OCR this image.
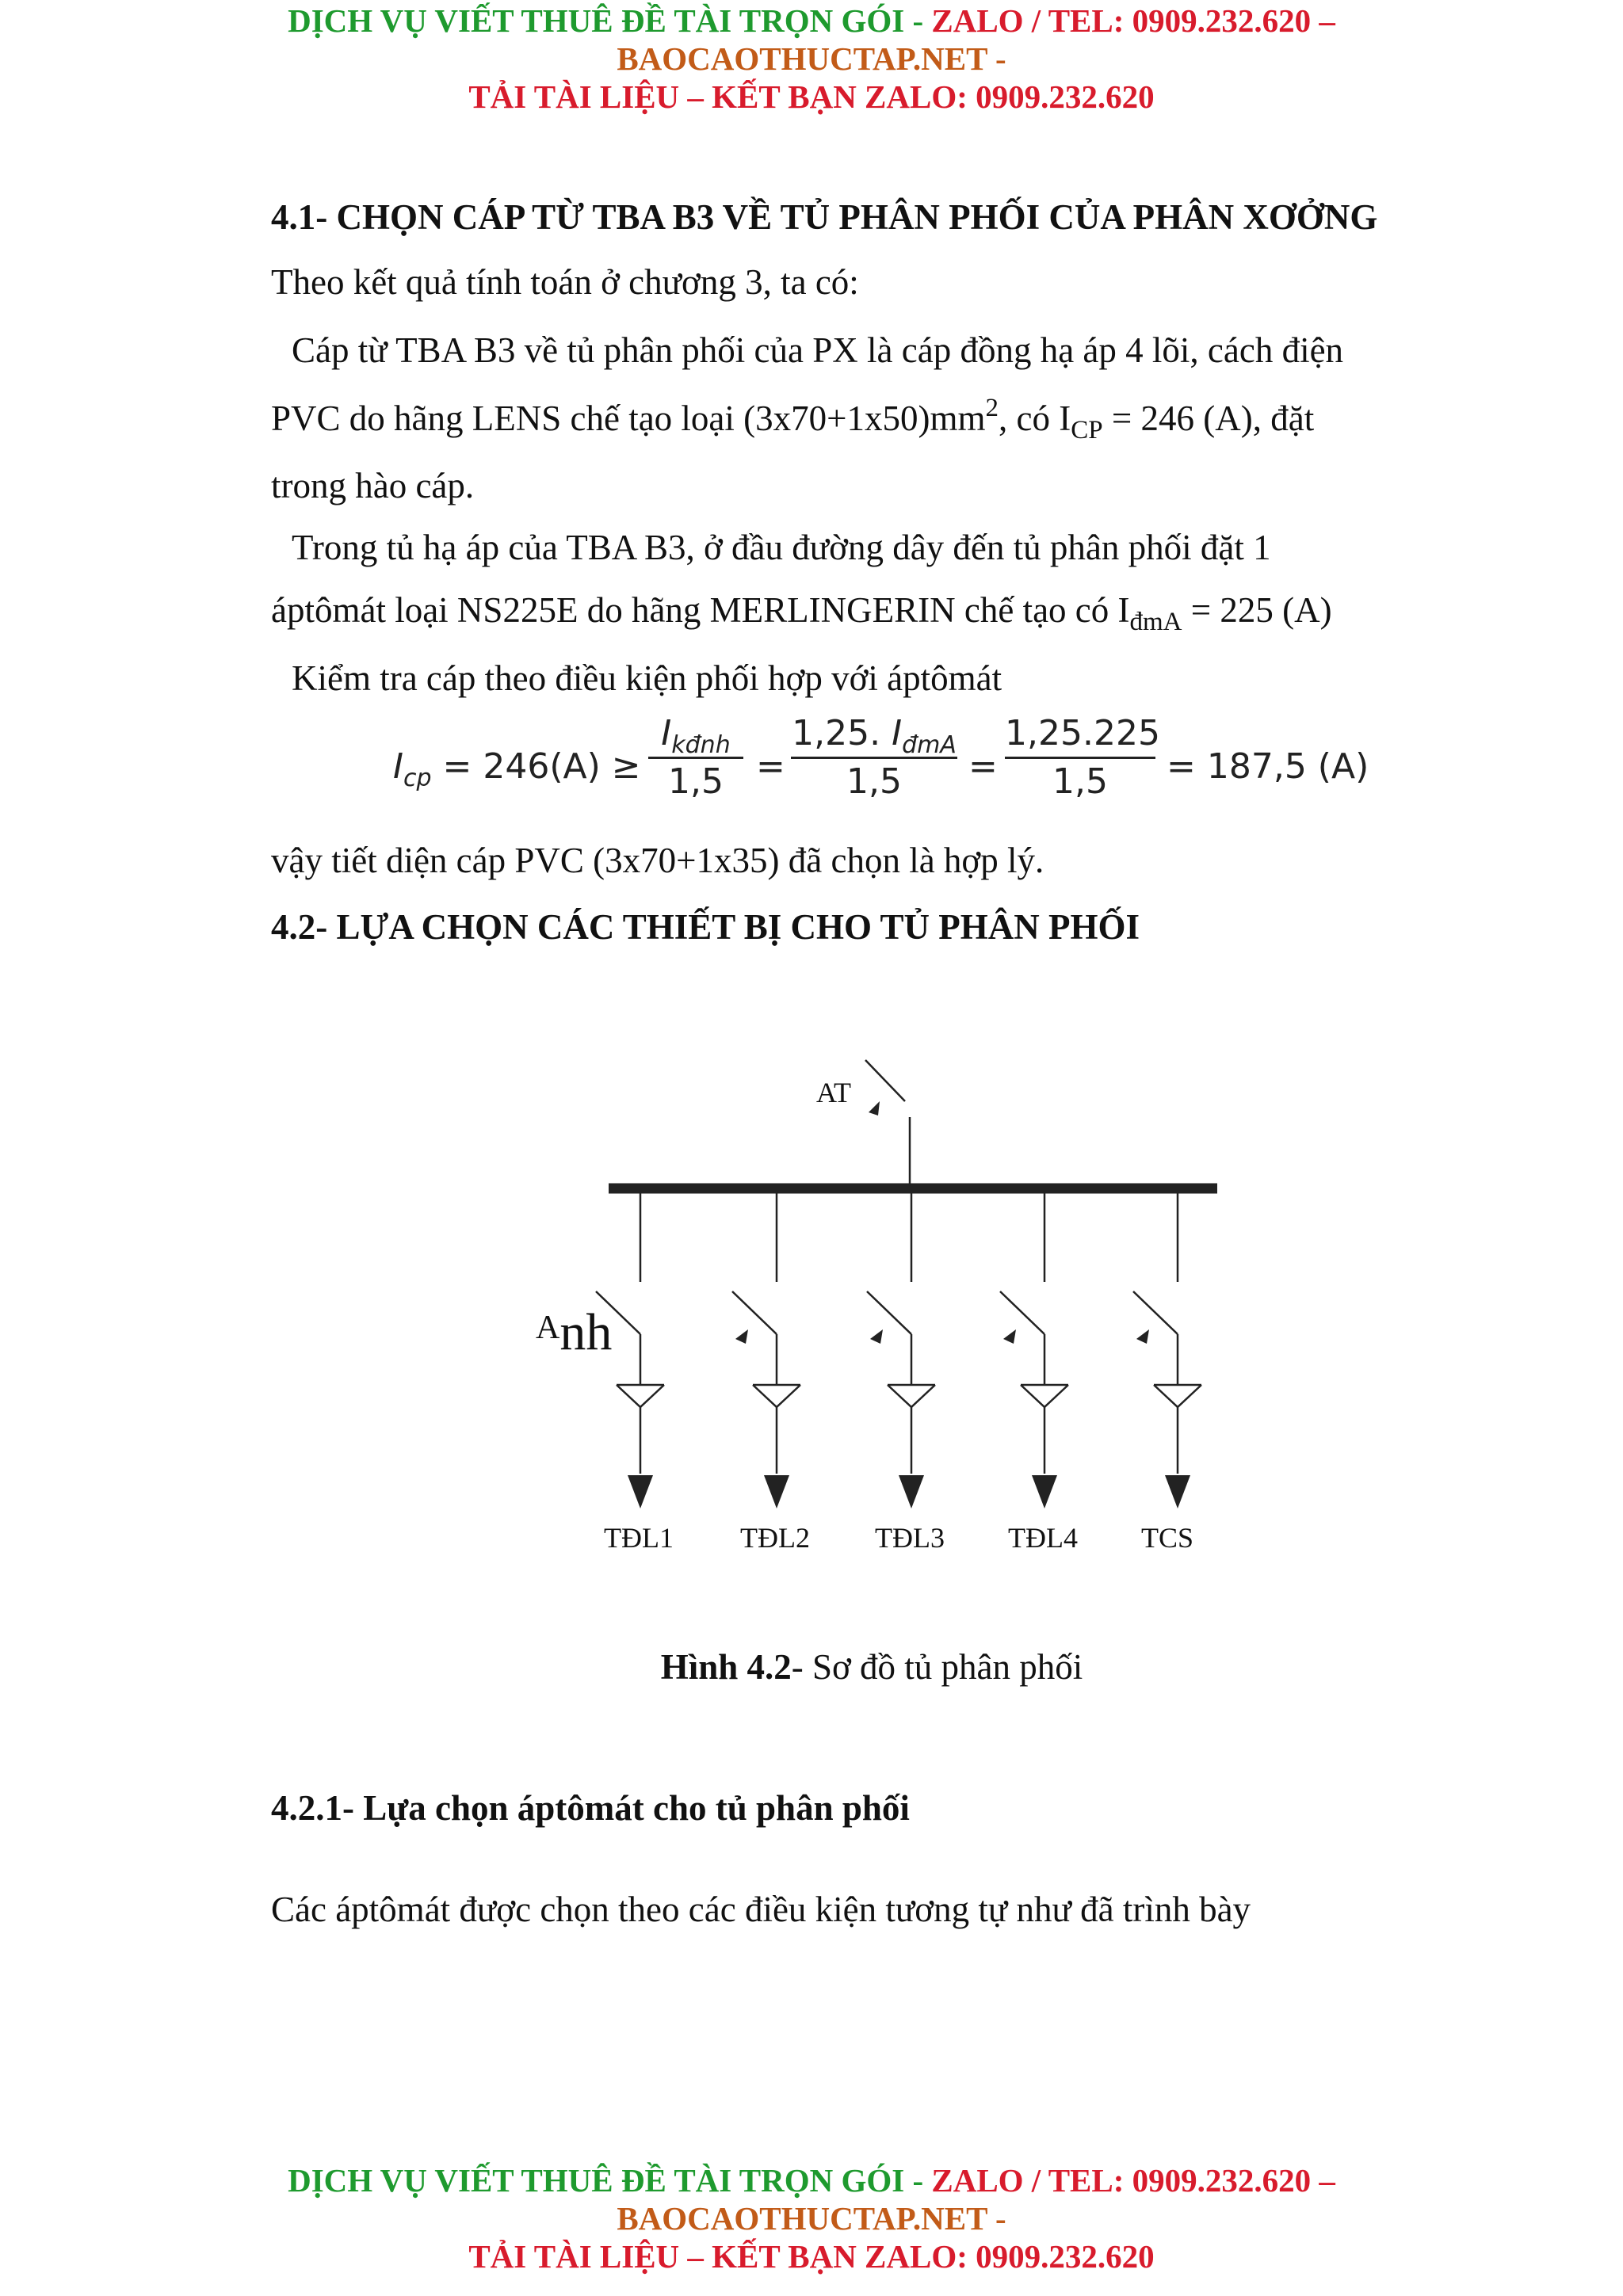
DỊCH VỤ VIẾT THUÊ ĐỀ TÀI TRỌN GÓI - ZALO / TEL: 0909.232.620 –
BAOCAOTHUCTAP.NET -
TẢI TÀI LIỆU – KẾT BẠN ZALO: 0909.232.620
4.1- CHỌN CÁP TỪ TBA B3 VỀ TỦ PHÂN PHỐI CỦA PHÂN XƠỞNG
Theo kết quả tính toán ở chương 3, ta có:
Cáp từ TBA B3 về tủ phân phối của PX là cáp đồng hạ áp 4 lõi, cách điện
PVC do hãng LENS chế tạo loại $(3x70+1x50)mm^2$, có $I_{CP} = 246$ (A), đặt
trong hào cáp.
Trong tủ hạ áp của TBA B3, ở đầu đường dây đến tủ phân phối đặt 1
áptômát loại NS225E do hãng MERLINGERIN chế tạo có $I_{đmA} = 225$ (A)
Kiểm tra cáp theo điều kiện phối hợp với áptômát
$I_{cp} = 246(A)$ ≥
$I_{kđnh}$
1,5 =
1,25. $I_{đmA}$
1,5	=
1,25.225
1,5	= 187,5 (A)
vậy tiết diện cáp PVC (3x70+1x35) đã chọn là hợp lý.
4.2- LỰA CHỌN CÁC THIẾT BỊ CHO TỦ PHÂN PHỐI
AT
Anh
TĐL1 TĐL2 TĐL3 TĐL4 TCS
Hình 4.2- Sơ đồ tủ phân phối
4.2.1- Lựa chọn áptômát cho tủ phân phối
Các áptômát được chọn theo các điều kiện tương tự như đã trình bày
DỊCH VỤ VIẾT THUÊ ĐỀ TÀI TRỌN GÓI - ZALO / TEL: 0909.232.620 –
BAOCAOTHUCTAP.NET -
TẢI TÀI LIỆU – KẾT BẠN ZALO: 0909.232.620
